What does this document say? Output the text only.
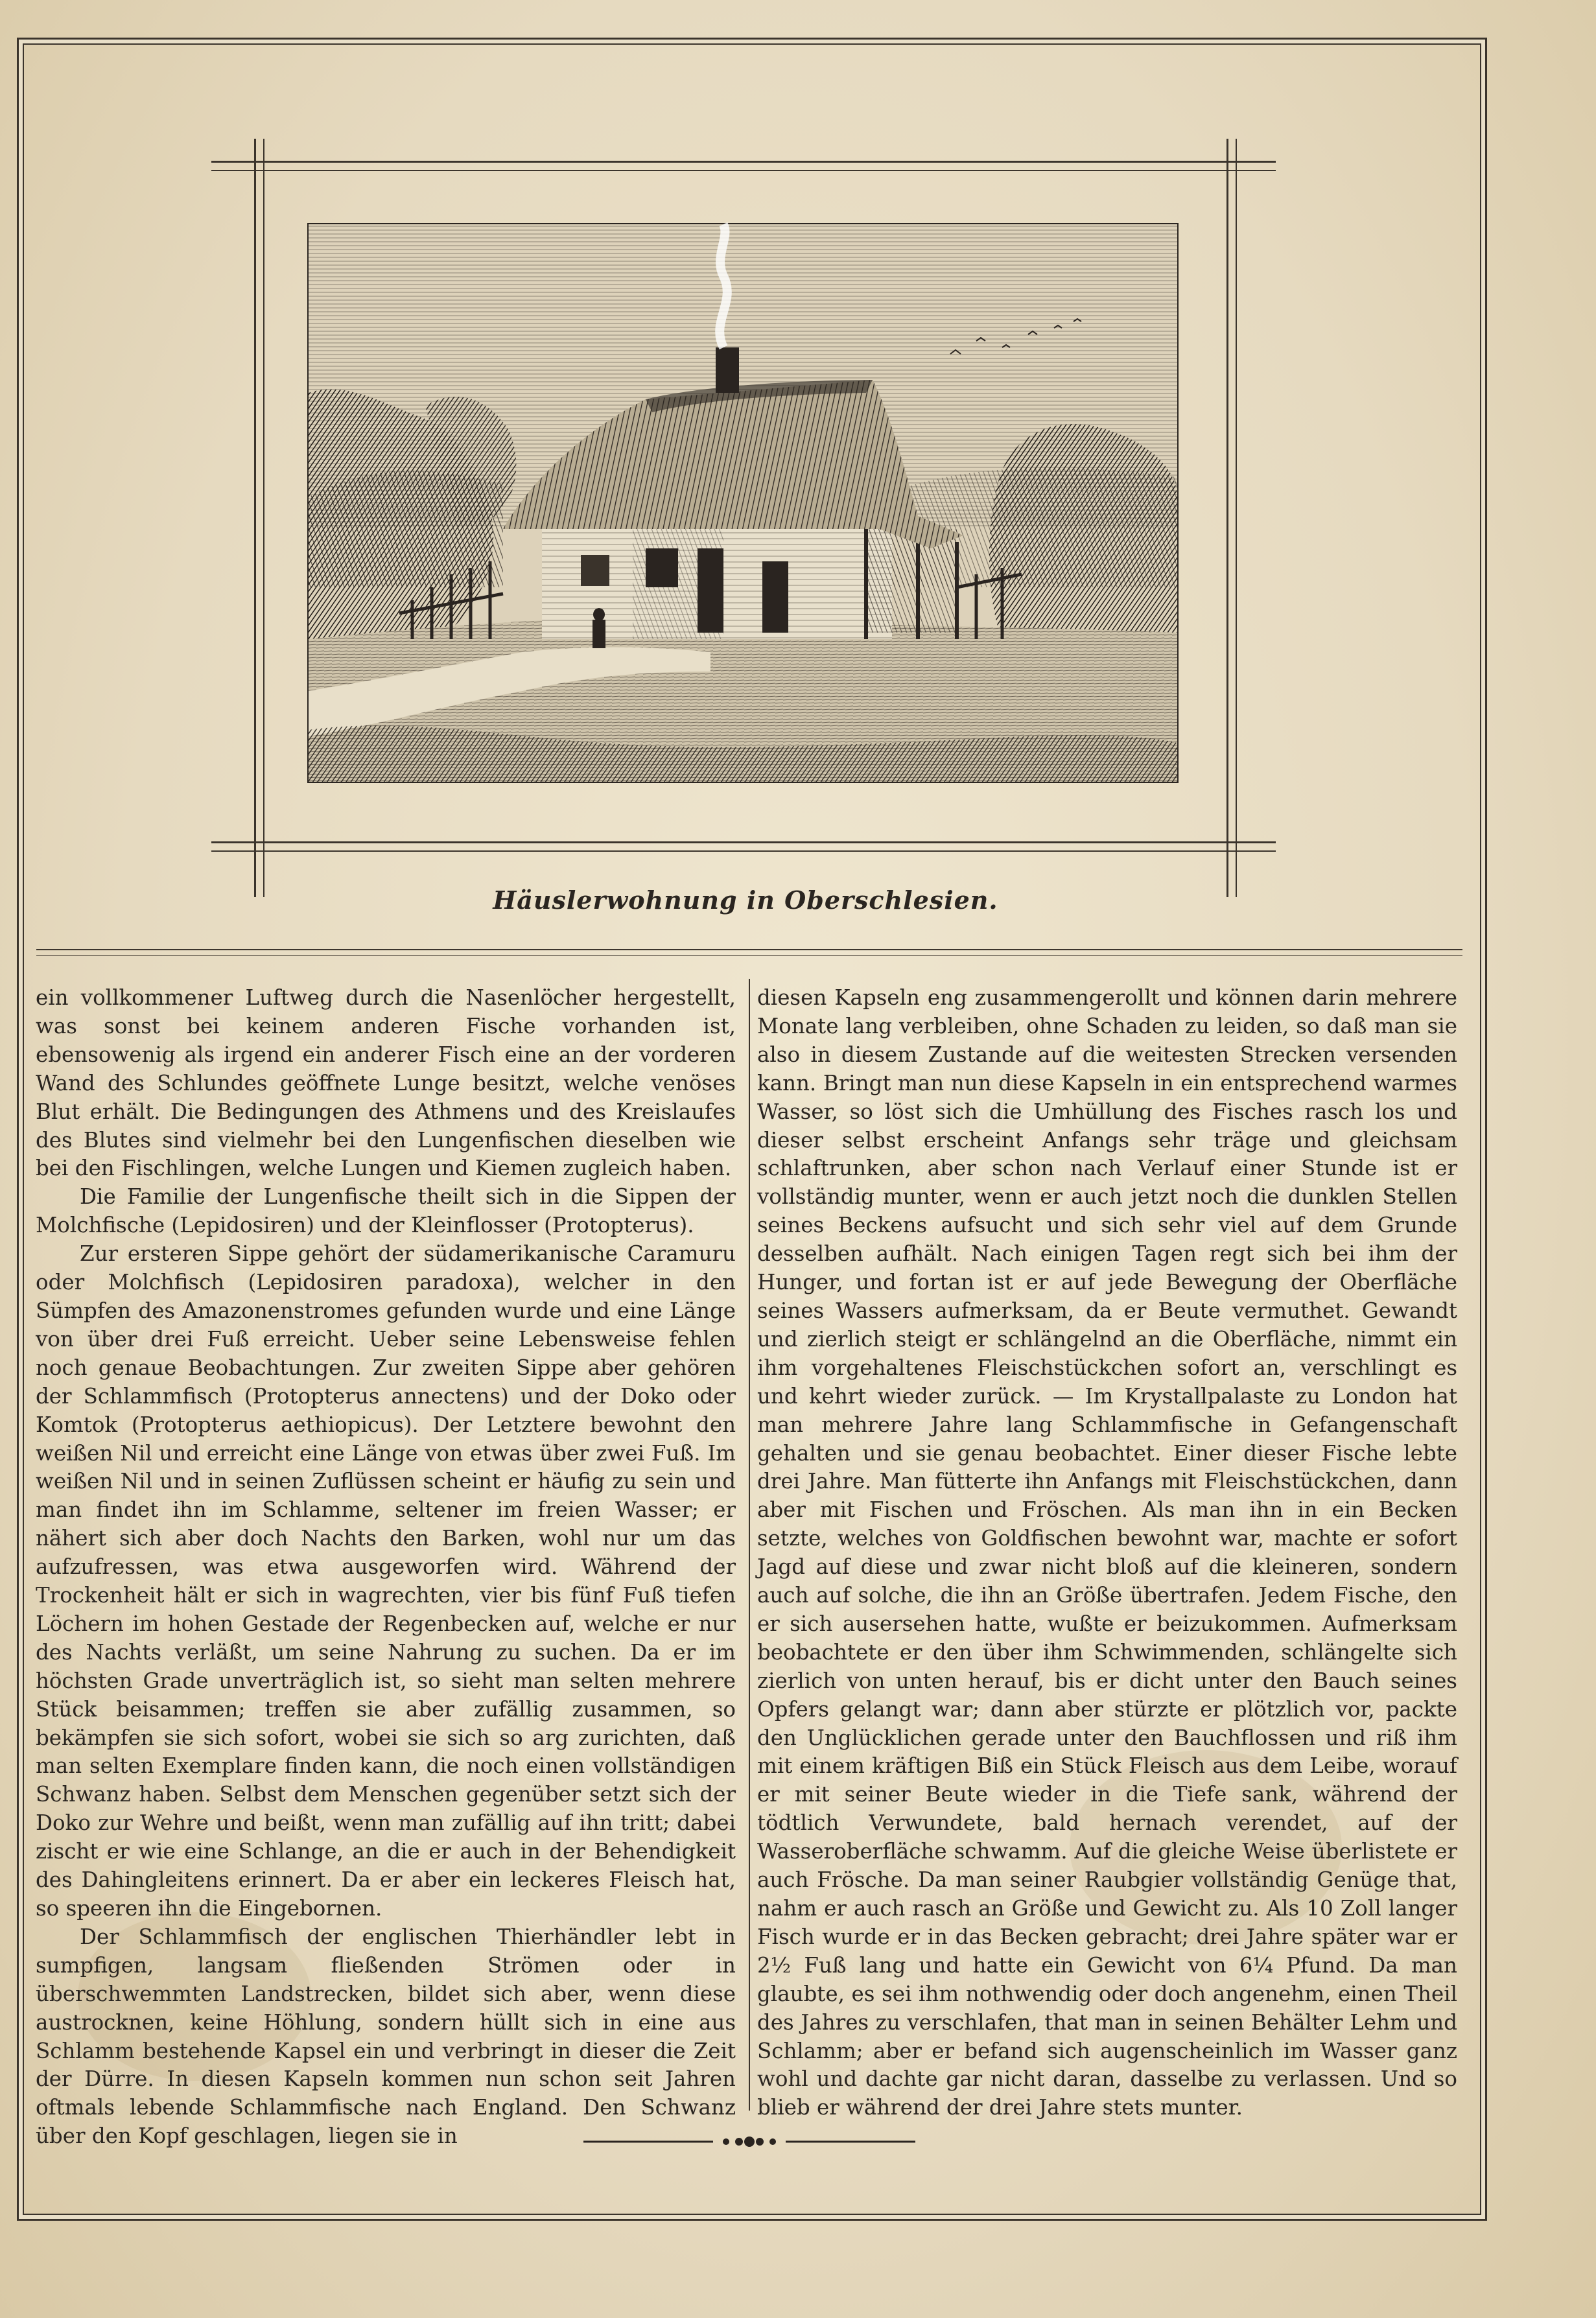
Häuslerwohnung in Oberschlesien.

ein vollkommener Luftweg durch die Nasenlöcher hergestellt, was sonst bei keinem anderen Fische vorhanden ist, ebensowenig als irgend ein anderer Fisch eine an der vorderen Wand des Schlundes geöffnete Lunge besitzt, welche venöses Blut erhält. Die Bedingungen des Athmens und des Kreislaufes des Blutes sind vielmehr bei den Lungenfischen dieselben wie bei den Fischlingen, welche Lungen und Kiemen zugleich haben.

Die Familie der Lungenfische theilt sich in die Sippen der Molchfische (Lepidosiren) und der Kleinflosser (Protopterus).

Zur ersteren Sippe gehört der südamerikanische Caramuru oder Molchfisch (Lepidosiren paradoxa), welcher in den Sümpfen des Amazonenstromes gefunden wurde und eine Länge von über drei Fuß erreicht. Ueber seine Lebensweise fehlen noch genaue Beobachtungen. Zur zweiten Sippe aber gehören der Schlammfisch (Protopterus annectens) und der Doko oder Komtok (Protopterus aethiopicus). Der Letztere bewohnt den weißen Nil und erreicht eine Länge von etwas über zwei Fuß. Im weißen Nil und in seinen Zuflüssen scheint er häufig zu sein und man findet ihn im Schlamme, seltener im freien Wasser; er nähert sich aber doch Nachts den Barken, wohl nur um das aufzufressen, was etwa ausgeworfen wird. Während der Trockenheit hält er sich in wagrechten, vier bis fünf Fuß tiefen Löchern im hohen Gestade der Regenbecken auf, welche er nur des Nachts verläßt, um seine Nahrung zu suchen. Da er im höchsten Grade unverträglich ist, so sieht man selten mehrere Stück beisammen; treffen sie aber zufällig zusammen, so bekämpfen sie sich sofort, wobei sie sich so arg zurichten, daß man selten Exemplare finden kann, die noch einen vollständigen Schwanz haben. Selbst dem Menschen gegenüber setzt sich der Doko zur Wehre und beißt, wenn man zufällig auf ihn tritt; dabei zischt er wie eine Schlange, an die er auch in der Behendigkeit des Dahingleitens erinnert. Da er aber ein leckeres Fleisch hat, so speeren ihn die Eingebornen.

Der Schlammfisch der englischen Thierhändler lebt in sumpfigen, langsam fließenden Strömen oder in überschwemmten Landstrecken, bildet sich aber, wenn diese austrocknen, keine Höhlung, sondern hüllt sich in eine aus Schlamm bestehende Kapsel ein und verbringt in dieser die Zeit der Dürre. In diesen Kapseln kommen nun schon seit Jahren oftmals lebende Schlammfische nach England. Den Schwanz über den Kopf geschlagen, liegen sie in

diesen Kapseln eng zusammengerollt und können darin mehrere Monate lang verbleiben, ohne Schaden zu leiden, so daß man sie also in diesem Zustande auf die weitesten Strecken versenden kann. Bringt man nun diese Kapseln in ein entsprechend warmes Wasser, so löst sich die Umhüllung des Fisches rasch los und dieser selbst erscheint Anfangs sehr träge und gleichsam schlaftrunken, aber schon nach Verlauf einer Stunde ist er vollständig munter, wenn er auch jetzt noch die dunklen Stellen seines Beckens aufsucht und sich sehr viel auf dem Grunde desselben aufhält. Nach einigen Tagen regt sich bei ihm der Hunger, und fortan ist er auf jede Bewegung der Oberfläche seines Wassers aufmerksam, da er Beute vermuthet. Gewandt und zierlich steigt er schlängelnd an die Oberfläche, nimmt ein ihm vorgehaltenes Fleischstückchen sofort an, verschlingt es und kehrt wieder zurück. — Im Krystallpalaste zu London hat man mehrere Jahre lang Schlammfische in Gefangenschaft gehalten und sie genau beobachtet. Einer dieser Fische lebte drei Jahre. Man fütterte ihn Anfangs mit Fleischstückchen, dann aber mit Fischen und Fröschen. Als man ihn in ein Becken setzte, welches von Goldfischen bewohnt war, machte er sofort Jagd auf diese und zwar nicht bloß auf die kleineren, sondern auch auf solche, die ihn an Größe übertrafen. Jedem Fische, den er sich ausersehen hatte, wußte er beizukommen. Aufmerksam beobachtete er den über ihm Schwimmenden, schlängelte sich zierlich von unten herauf, bis er dicht unter den Bauch seines Opfers gelangt war; dann aber stürzte er plötzlich vor, packte den Unglücklichen gerade unter den Bauchflossen und riß ihm mit einem kräftigen Biß ein Stück Fleisch aus dem Leibe, worauf er mit seiner Beute wieder in die Tiefe sank, während der tödtlich Verwundete, bald hernach verendet, auf der Wasseroberfläche schwamm. Auf die gleiche Weise überlistete er auch Frösche. Da man seiner Raubgier vollständig Genüge that, nahm er auch rasch an Größe und Gewicht zu. Als 10 Zoll langer Fisch wurde er in das Becken gebracht; drei Jahre später war er 2½ Fuß lang und hatte ein Gewicht von 6¼ Pfund. Da man glaubte, es sei ihm nothwendig oder doch angenehm, einen Theil des Jahres zu verschlafen, that man in seinen Behälter Lehm und Schlamm; aber er befand sich augenscheinlich im Wasser ganz wohl und dachte gar nicht daran, dasselbe zu verlassen. Und so blieb er während der drei Jahre stets munter.
